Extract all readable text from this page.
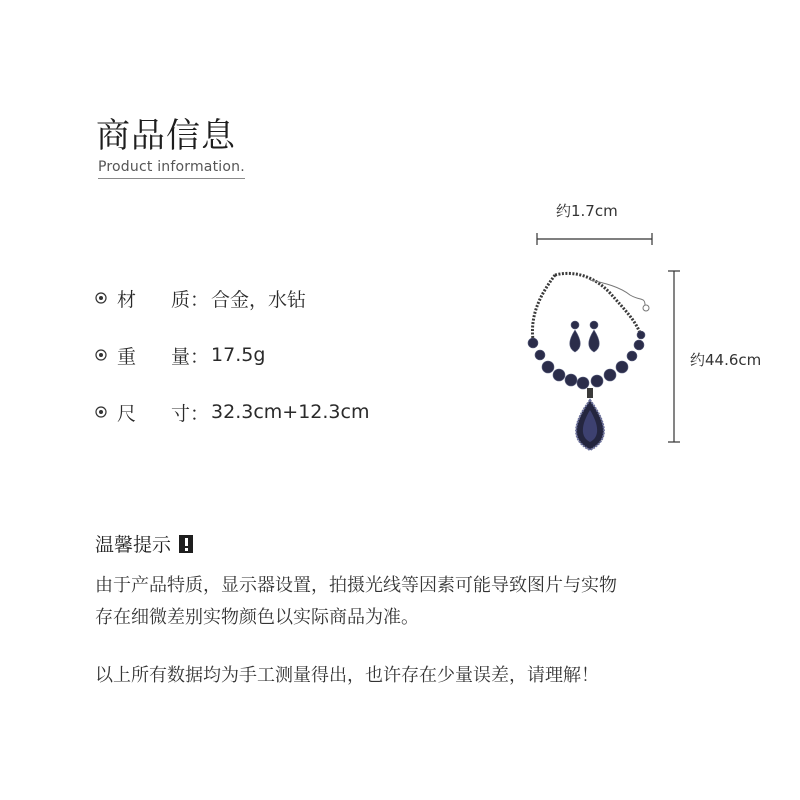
商品信息
Product information.
材	质 ： 合金，水钻
重	量 ： 17.5g
尺	寸 ： 32.3cm+12.3cm
约1.7cm
约44.6cm
温馨提示
由于产品特质，显示器设置，拍摄光线等因素可能导致图片与实物
存在细微差别实物颜色以实际商品为准。
以上所有数据均为手工测量得出，也许存在少量误差，请理解！
